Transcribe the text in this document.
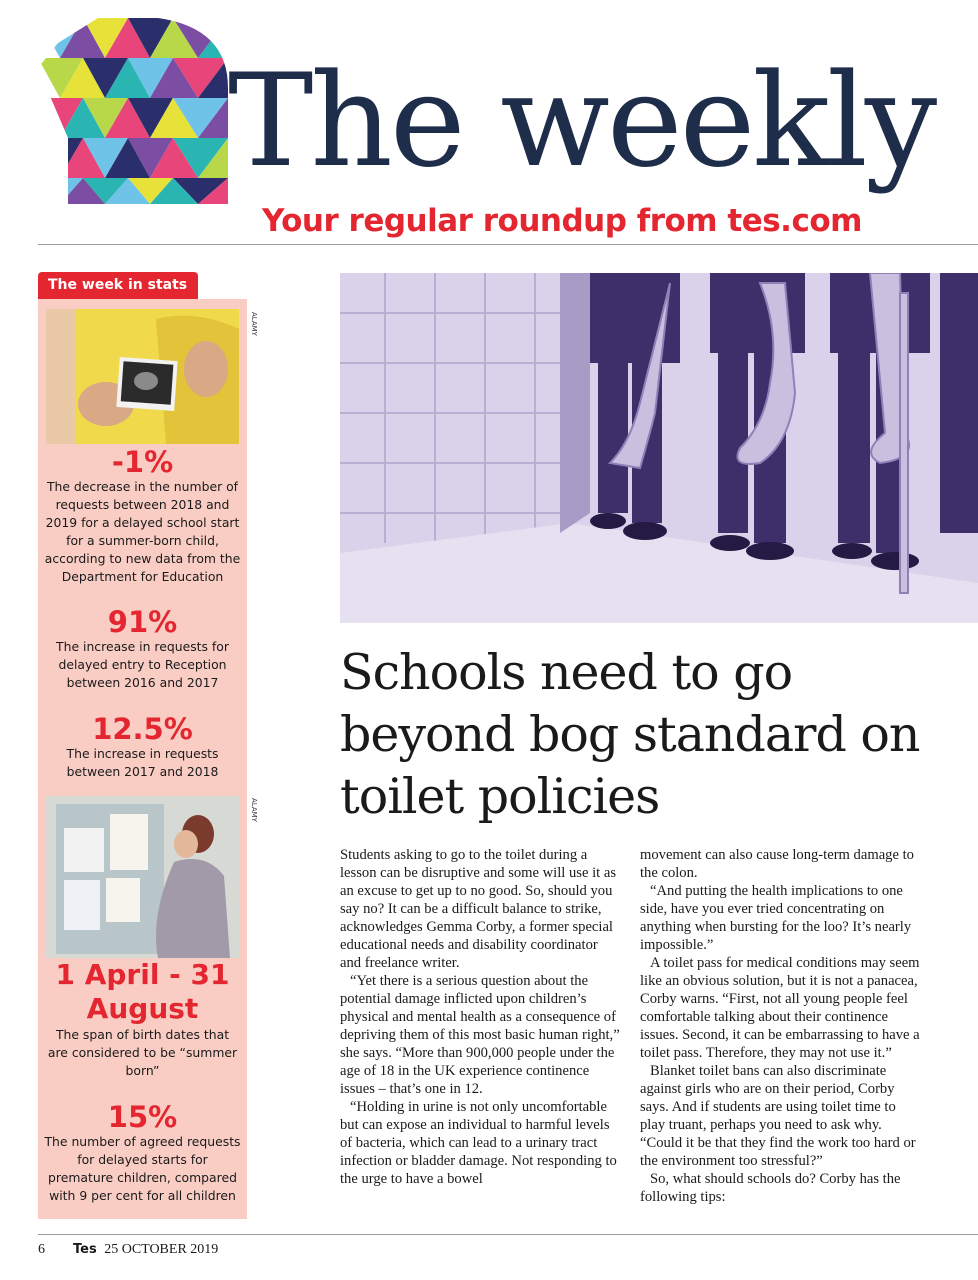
The weekly
Your regular roundup from tes.com
The week in stats
ALAMY
-1%
The decrease in the number of requests between 2018 and 2019 for a delayed school start for a summer-born child, according to new data from the Department for Education
91%
The increase in requests for delayed entry to Reception between 2016 and 2017
12.5%
The increase in requests between 2017 and 2018
ALAMY
1 April - 31 August
The span of birth dates that are considered to be “summer born”
15%
The number of agreed requests for delayed starts for premature children, compared with 9 per cent for all children
Schools need to go beyond bog standard on toilet policies

Students asking to go to the toilet during a lesson can be disruptive and some will use it as an excuse to get up to no good. So, should you say no? It can be a difficult balance to strike, acknowledges Gemma Corby, a former special educational needs and disability coordinator and freelance writer.

“Yet there is a serious question about the potential damage inflicted upon children’s physical and mental health as a consequence of depriving them of this most basic human right,” she says. “More than 900,000 people under the age of 18 in the UK experience continence issues – that’s one in 12.

“Holding in urine is not only uncomfortable but can expose an individual to harmful levels of bacteria, which can lead to a urinary tract infection or bladder damage. Not responding to the urge to have a bowel

movement can also cause long-term damage to the colon.

“And putting the health implications to one side, have you ever tried concentrating on anything when bursting for the loo? It’s nearly impossible.”

A toilet pass for medical conditions may seem like an obvious solution, but it is not a panacea, Corby warns. “First, not all young people feel comfortable talking about their continence issues. Second, it can be embarrassing to have a toilet pass. Therefore, they may not use it.”

Blanket toilet bans can also discriminate against girls who are on their period, Corby says. And if students are using toilet time to play truant, perhaps you need to ask why. “Could it be that they find the work too hard or the environment too stressful?”

So, what should schools do? Corby has the following tips:

6 Tes 25 OCTOBER 2019
